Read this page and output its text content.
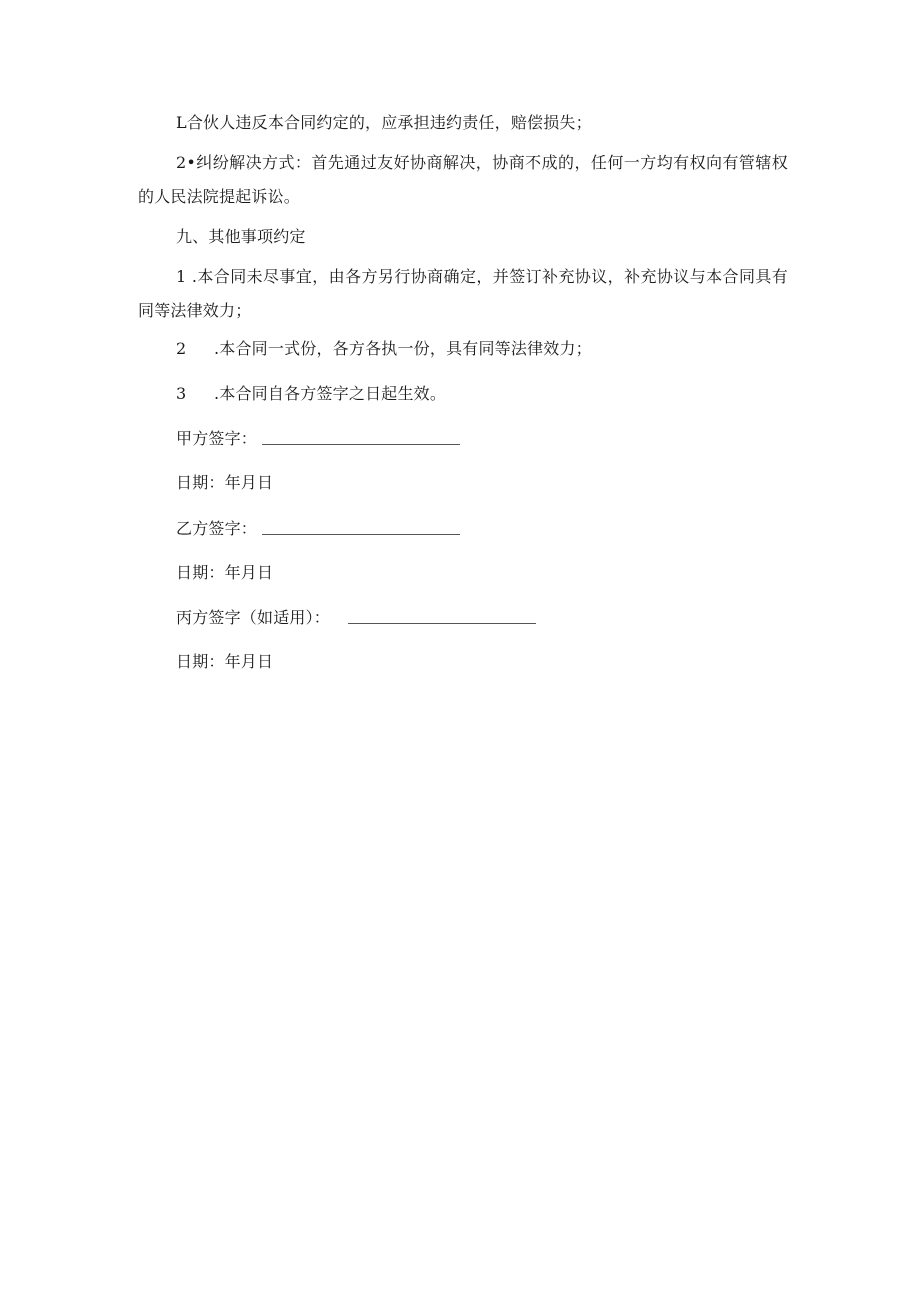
L合伙人违反本合同约定的，应承担违约责任，赔偿损失；
2•纠纷解决方式：首先通过友好协商解决，协商不成的，任何一方均有权向有管辖权的人民法院提起诉讼。
九、其他事项约定
1 .本合同未尽事宜，由各方另行协商确定，并签订补充协议，补充协议与本合同具有同等法律效力；
2 .本合同一式份，各方各执一份，具有同等法律效力；
3 .本合同自各方签字之日起生效。
甲方签字：
日期：年月日
乙方签字：
日期：年月日
丙方签字（如适用）：
日期：年月日
